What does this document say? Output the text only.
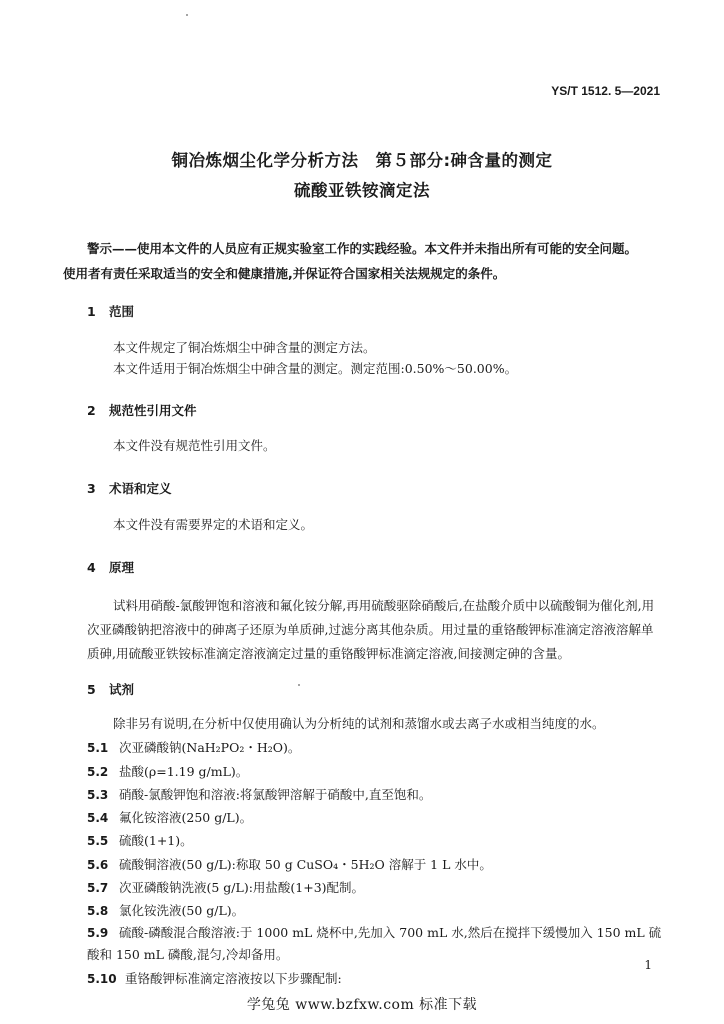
YS/T 1512. 5—2021
铜冶炼烟尘化学分析方法　第５部分:砷含量的测定
硫酸亚铁铵滴定法
警示——使用本文件的人员应有正规实验室工作的实践经验。本文件并未指出所有可能的安全问题。使用者有责任采取适当的安全和健康措施,并保证符合国家相关法规规定的条件。
1 范围
本文件规定了铜冶炼烟尘中砷含量的测定方法。
本文件适用于铜冶炼烟尘中砷含量的测定。测定范围:0.50%～50.00%。
2 规范性引用文件
本文件没有规范性引用文件。
3 术语和定义
本文件没有需要界定的术语和定义。
4 原理
试料用硝酸-氯酸钾饱和溶液和氟化铵分解,再用硫酸驱除硝酸后,在盐酸介质中以硫酸铜为催化剂,用次亚磷酸钠把溶液中的砷离子还原为单质砷,过滤分离其他杂质。用过量的重铬酸钾标准滴定溶液溶解单质砷,用硫酸亚铁铵标准滴定溶液滴定过量的重铬酸钾标准滴定溶液,间接测定砷的含量。
5 试剂
除非另有说明,在分析中仅使用确认为分析纯的试剂和蒸馏水或去离子水或相当纯度的水。
5.1 次亚磷酸钠(NaH₂PO₂・H₂O)。
5.2 盐酸(ρ=1.19 g/mL)。
5.3 硝酸-氯酸钾饱和溶液:将氯酸钾溶解于硝酸中,直至饱和。
5.4 氟化铵溶液(250 g/L)。
5.5 硫酸(1+1)。
5.6 硫酸铜溶液(50 g/L):称取 50 g CuSO₄・5H₂O 溶解于 1 L 水中。
5.7 次亚磷酸钠洗液(5 g/L):用盐酸(1+3)配制。
5.8 氯化铵洗液(50 g/L)。
5.9 硫酸-磷酸混合酸溶液:于 1000 mL 烧杯中,先加入 700 mL 水,然后在搅拌下缓慢加入 150 mL 硫酸和 150 mL 磷酸,混匀,冷却备用。
5.10 重铬酸钾标准滴定溶液按以下步骤配制:
1
学兔兔 www.bzfxw.com 标准下载
